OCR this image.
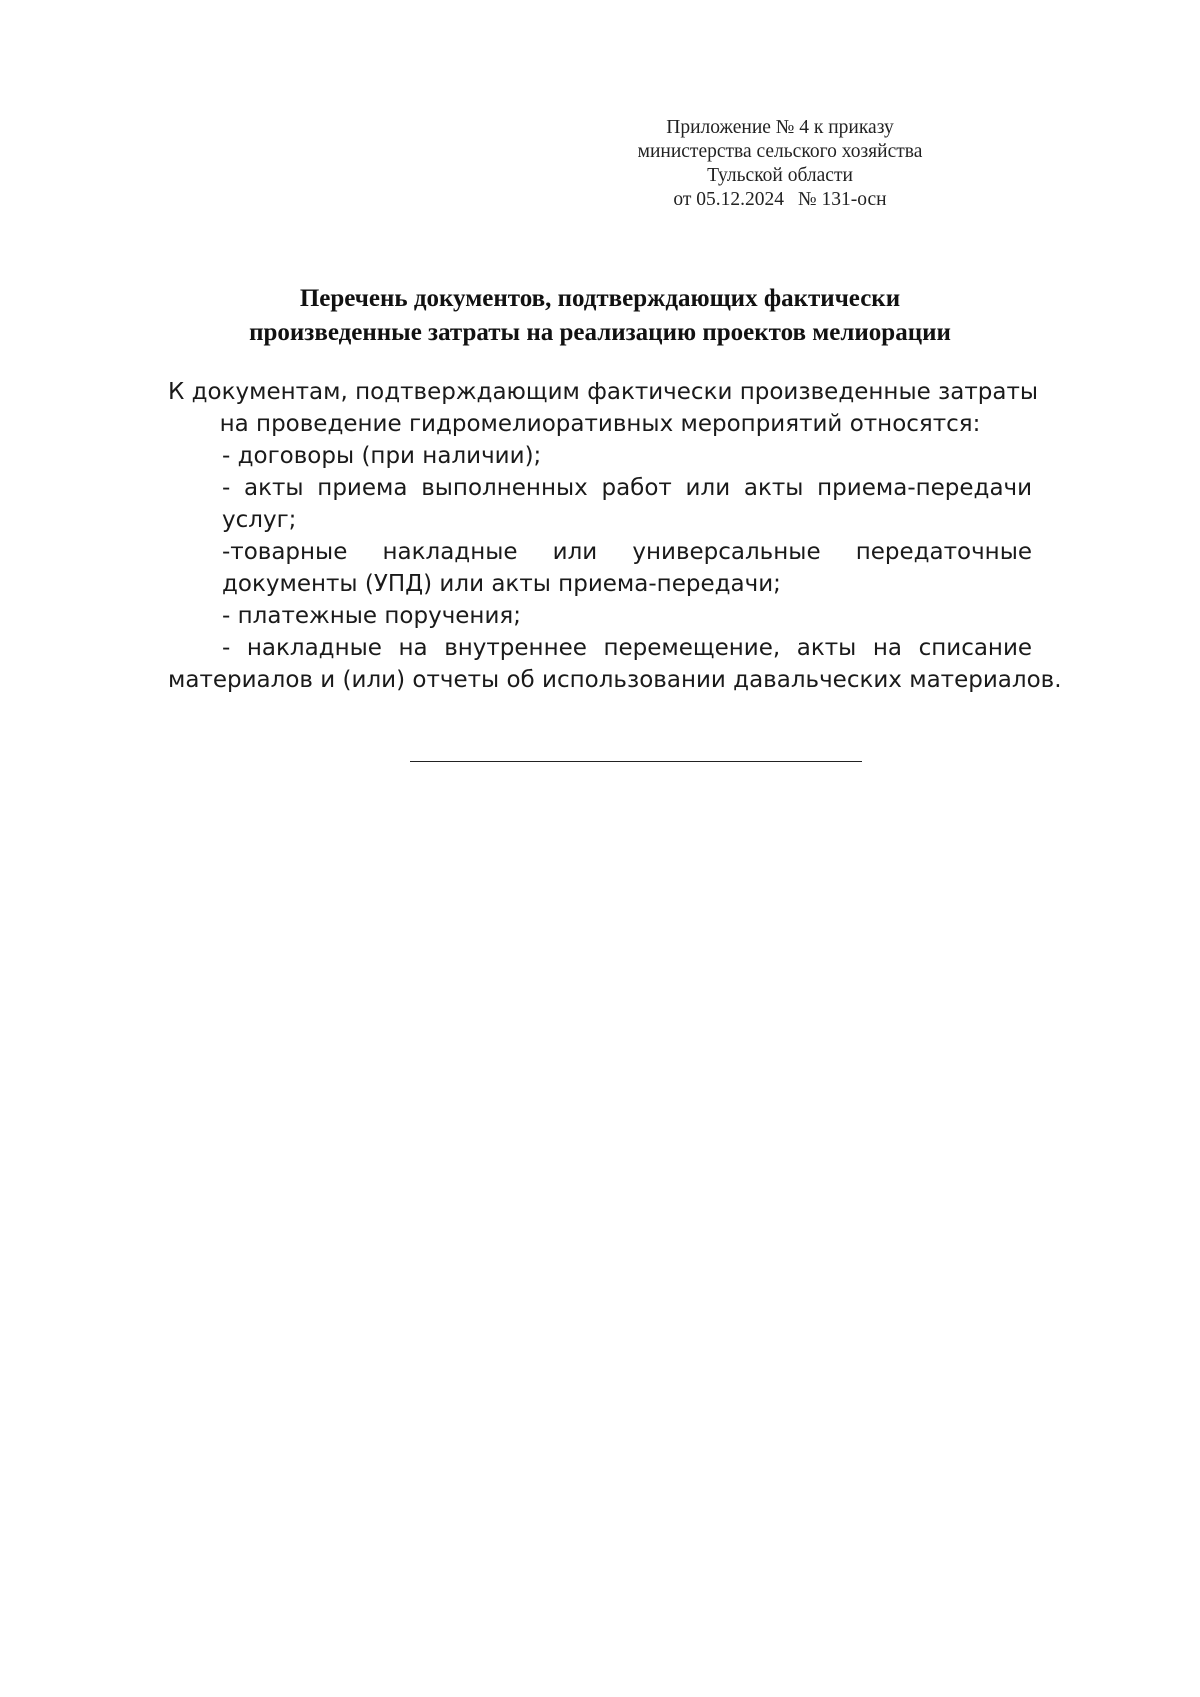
Приложение № 4 к приказу
министерства сельского хозяйства
Тульской области
от 05.12.2024 № 131-осн
Перечень документов, подтверждающих фактически
произведенные затраты на реализацию проектов мелиорации
К документам, подтверждающим фактически произведенные затраты
на проведение гидромелиоративных мероприятий относятся:
- договоры (при наличии);
- акты приема выполненных работ или акты приема-передачи
услуг;
-товарные накладные или универсальные передаточные
документы (УПД) или акты приема-передачи;
- платежные поручения;
- накладные на внутреннее перемещение, акты на списание
материалов и (или) отчеты об использовании давальческих материалов.
